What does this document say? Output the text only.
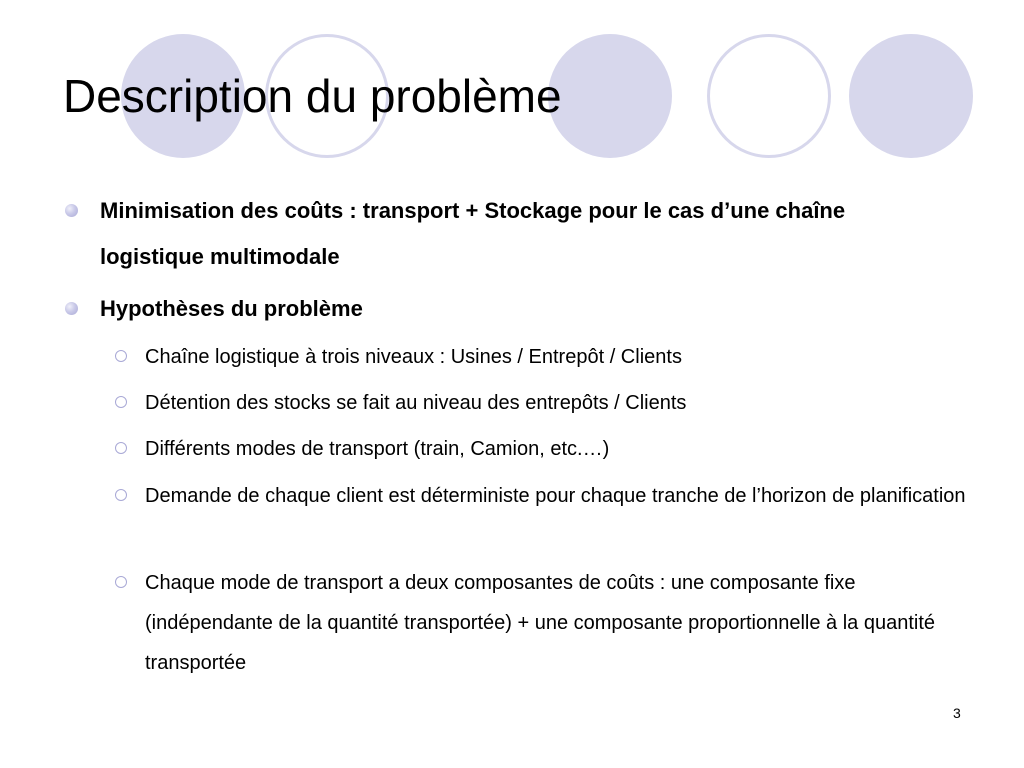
Description du problème
Minimisation des coûts : transport + Stockage pour le cas d’une chaîne logistique multimodale
Hypothèses du problème
Chaîne logistique à trois niveaux : Usines / Entrepôt / Clients
Détention des stocks se fait au niveau des entrepôts / Clients
Différents modes de transport (train, Camion, etc.…)
Demande de chaque client est déterministe pour chaque tranche de l’horizon de planification
Chaque mode de transport a deux composantes de coûts : une composante fixe (indépendante de la quantité transportée) + une composante proportionnelle à la quantité transportée
3
